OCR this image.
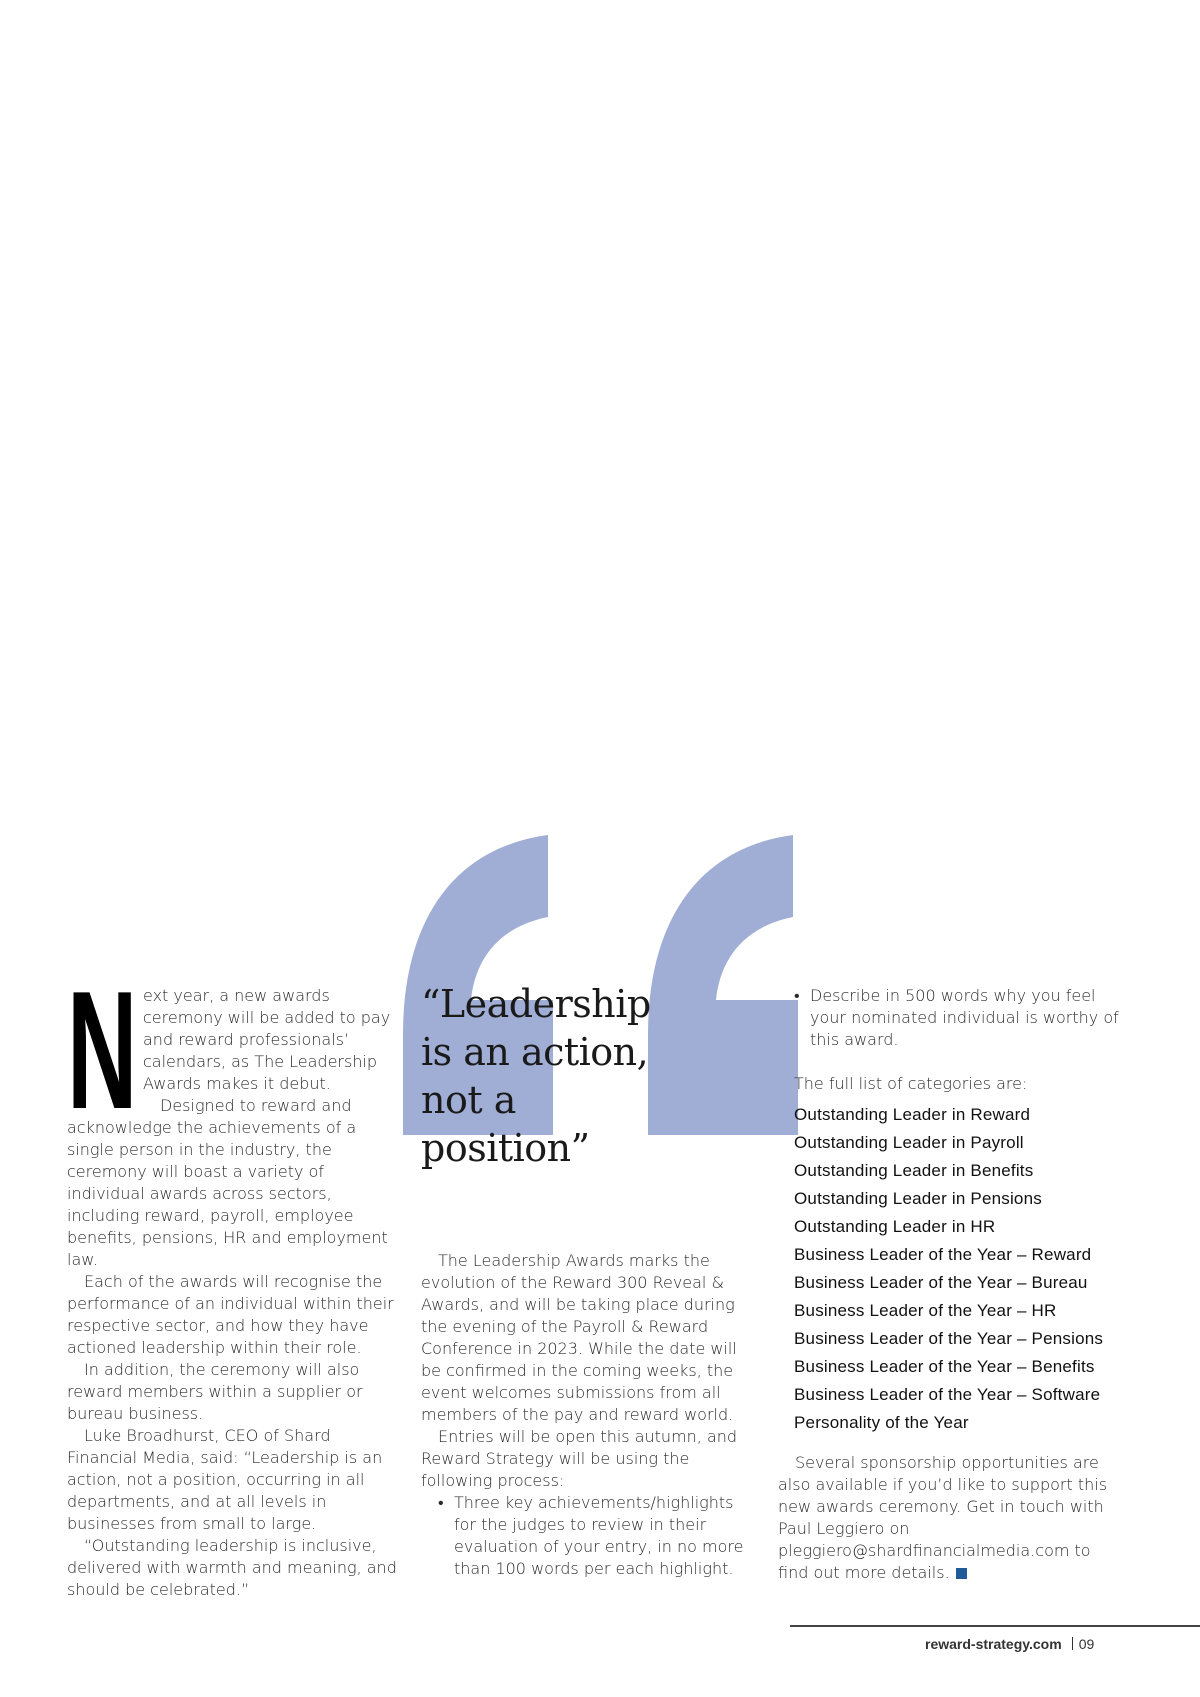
N ext year, a new awards ceremony will be added to pay and reward professionals’ calendars, as The Leadership Awards makes it debut.

Designed to reward and acknowledge the achievements of a single person in the industry, the ceremony will boast a variety of individual awards across sectors, including reward, payroll, employee benefits, pensions, HR and employment law.

Each of the awards will recognise the performance of an individual within their respective sector, and how they have actioned leadership within their role.

In addition, the ceremony will also reward members within a supplier or bureau business.

Luke Broadhurst, CEO of Shard Financial Media, said: “Leadership is an action, not a position, occurring in all departments, and at all levels in businesses from small to large.

“Outstanding leadership is inclusive, delivered with warmth and meaning, and should be celebrated.”

“Leadership is an action, not a position”

The Leadership Awards marks the evolution of the Reward 300 Reveal & Awards, and will be taking place during the evening of the Payroll & Reward Conference in 2023. While the date will be confirmed in the coming weeks, the event welcomes submissions from all members of the pay and reward world.

Entries will be open this autumn, and Reward Strategy will be using the following process:

• Three key achievements/highlights for the judges to review in their evaluation of your entry, in no more than 100 words per each highlight.
• Describe in 500 words why you feel your nominated individual is worthy of this award.

The full list of categories are:

Outstanding Leader in Reward
Outstanding Leader in Payroll
Outstanding Leader in Benefits
Outstanding Leader in Pensions
Outstanding Leader in HR
Business Leader of the Year – Reward
Business Leader of the Year – Bureau
Business Leader of the Year – HR
Business Leader of the Year – Pensions
Business Leader of the Year – Benefits
Business Leader of the Year – Software
Personality of the Year

Several sponsorship opportunities are also available if you’d like to support this new awards ceremony. Get in touch with Paul Leggiero on pleggiero@shardfinancialmedia.com to find out more details.

reward-strategy.com 09
